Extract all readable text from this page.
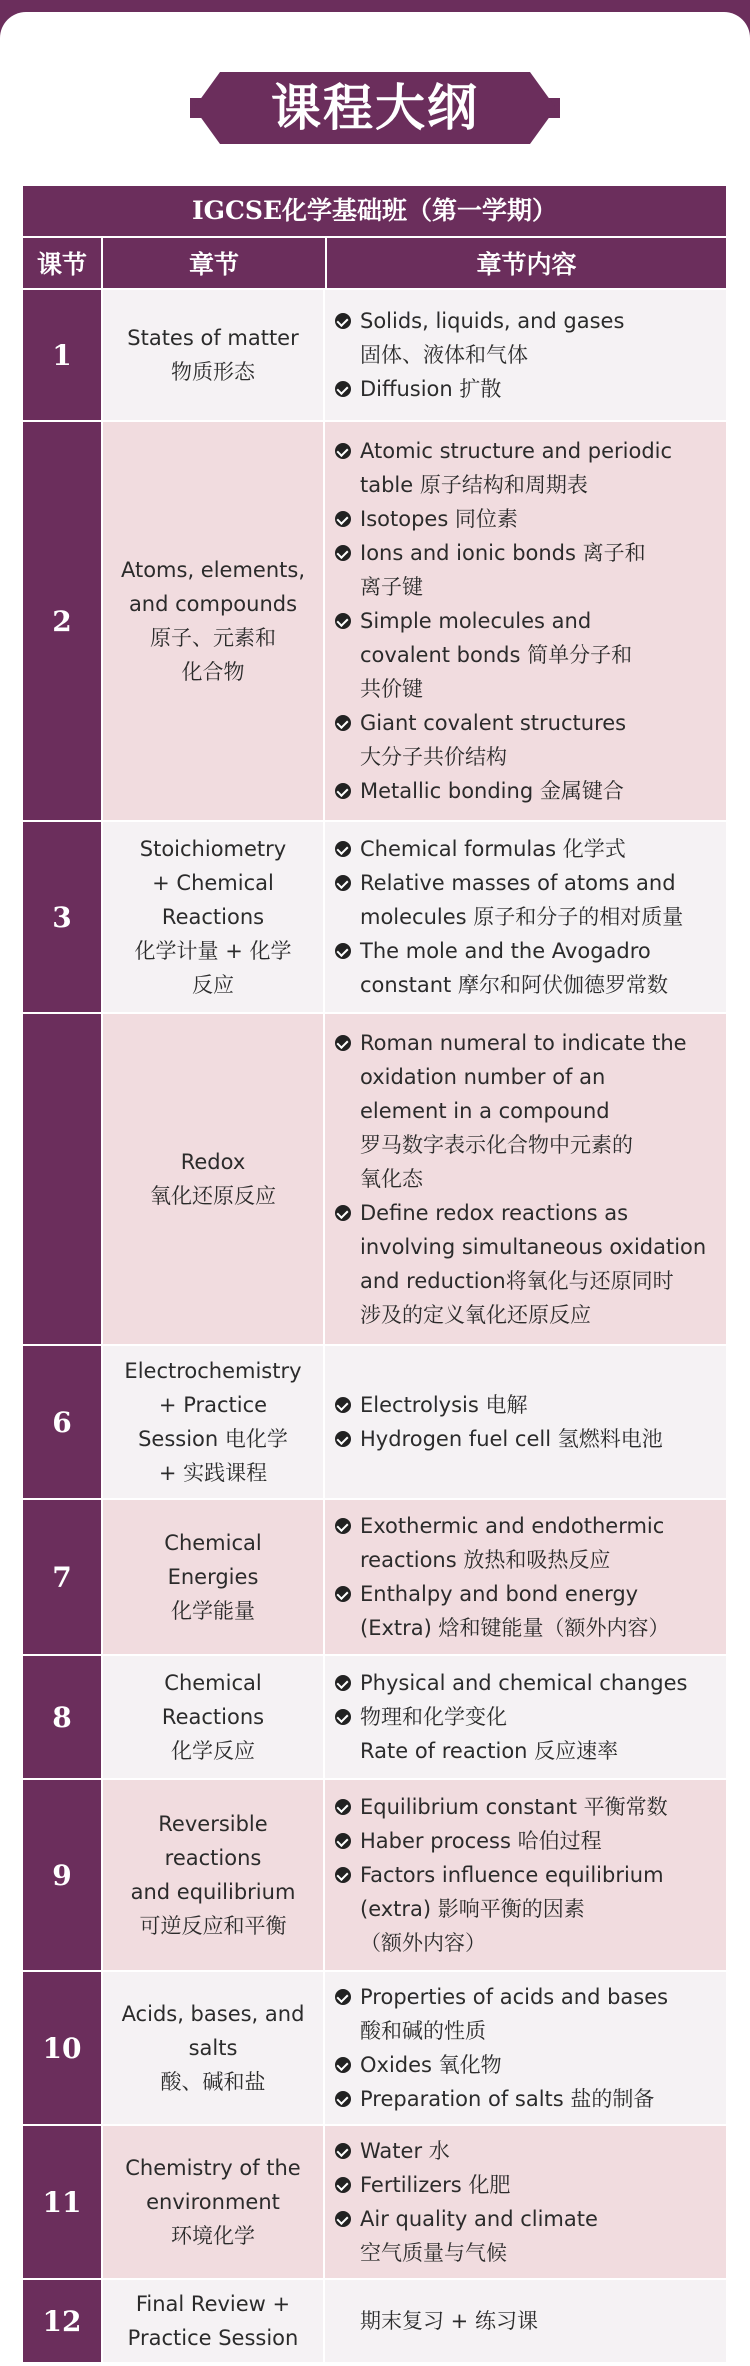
课程大纲
IGCSE化学基础班（第一学期）
课节	章节	章节内容
1
States of matter
物质形态
Solids, liquids, and gases
固体、液体和气体
Diffusion 扩散
2
Atoms, elements,
and compounds
原子、元素和
化合物
Atomic structure and periodic
table 原子结构和周期表
Isotopes 同位素
Ions and ionic bonds 离子和
离子键
Simple molecules and
covalent bonds 简单分子和
共价键
Giant covalent structures
大分子共价结构
Metallic bonding 金属键合
3
Stoichiometry
+ Chemical
Reactions
化学计量 + 化学
反应
Chemical formulas 化学式
Relative masses of atoms and
molecules 原子和分子的相对质量
The mole and the Avogadro
constant 摩尔和阿伏伽德罗常数
Redox
氧化还原反应
Roman numeral to indicate the
oxidation number of an
element in a compound
罗马数字表示化合物中元素的
氧化态
Define redox reactions as
involving simultaneous oxidation
and reduction将氧化与还原同时
涉及的定义氧化还原反应
6
Electrochemistry
+ Practice
Session 电化学
+ 实践课程
Electrolysis 电解
Hydrogen fuel cell 氢燃料电池
7
Chemical
Energies
化学能量
Exothermic and endothermic
reactions 放热和吸热反应
Enthalpy and bond energy
(Extra) 焓和键能量（额外内容）
8
Chemical
Reactions
化学反应
Physical and chemical changes
物理和化学变化
Rate of reaction 反应速率
9
Reversible
reactions
and equilibrium
可逆反应和平衡
Equilibrium constant 平衡常数
Haber process 哈伯过程
Factors influence equilibrium
(extra) 影响平衡的因素
（额外内容）
10
Acids, bases, and
salts
酸、碱和盐
Properties of acids and bases
酸和碱的性质
Oxides 氧化物
Preparation of salts 盐的制备
11
Chemistry of the
environment
环境化学
Water 水
Fertilizers 化肥
Air quality and climate
空气质量与气候
12
Final Review +
Practice Session
期末复习 + 练习课
